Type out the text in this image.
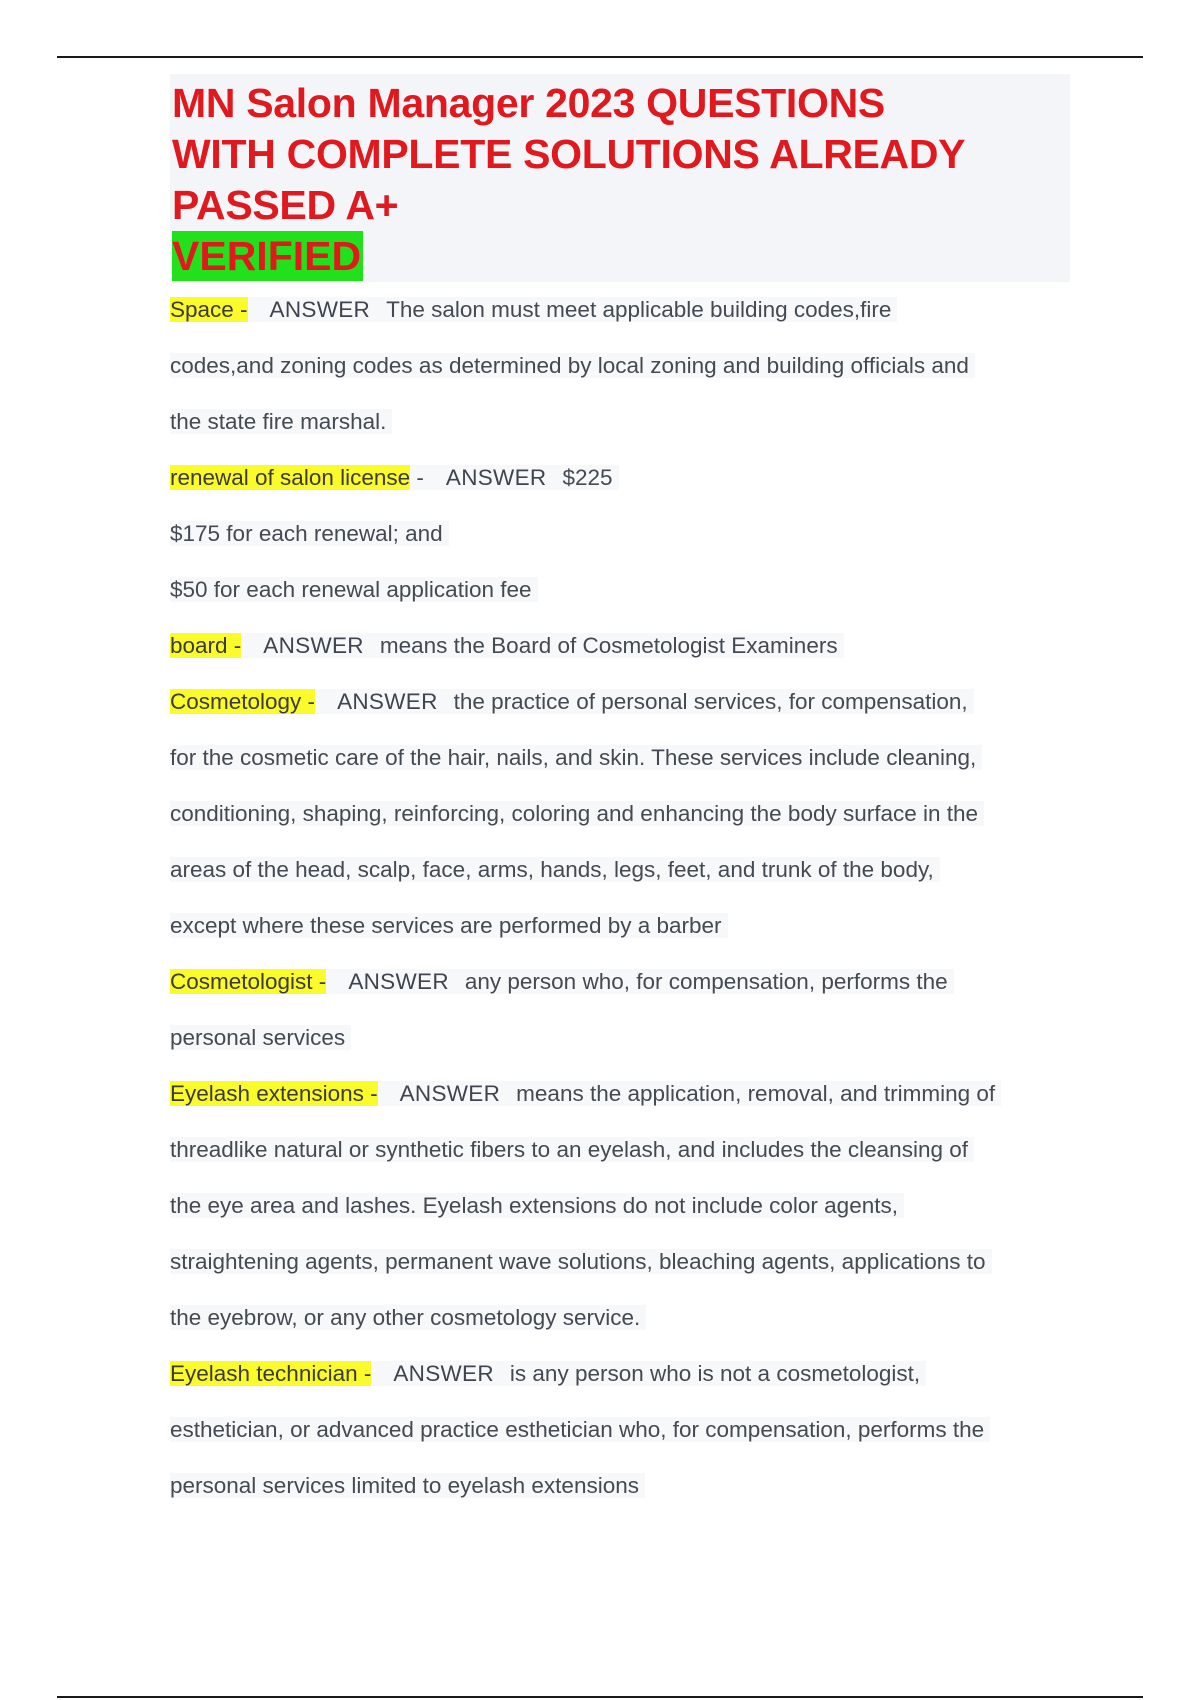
MN Salon Manager 2023 QUESTIONS
WITH COMPLETE SOLUTIONS ALREADY
PASSED A+
VERIFIED
Space - ANSWER The salon must meet applicable building codes,fire
codes,and zoning codes as determined by local zoning and building officials and
the state fire marshal.
renewal of salon license - ANSWER $225
$175 for each renewal; and
$50 for each renewal application fee
board - ANSWER means the Board of Cosmetologist Examiners
Cosmetology - ANSWER the practice of personal services, for compensation,
for the cosmetic care of the hair, nails, and skin. These services include cleaning,
conditioning, shaping, reinforcing, coloring and enhancing the body surface in the
areas of the head, scalp, face, arms, hands, legs, feet, and trunk of the body,
except where these services are performed by a barber
Cosmetologist - ANSWER any person who, for compensation, performs the
personal services
Eyelash extensions - ANSWER means the application, removal, and trimming of
threadlike natural or synthetic fibers to an eyelash, and includes the cleansing of
the eye area and lashes. Eyelash extensions do not include color agents,
straightening agents, permanent wave solutions, bleaching agents, applications to
the eyebrow, or any other cosmetology service.
Eyelash technician - ANSWER is any person who is not a cosmetologist,
esthetician, or advanced practice esthetician who, for compensation, performs the
personal services limited to eyelash extensions
